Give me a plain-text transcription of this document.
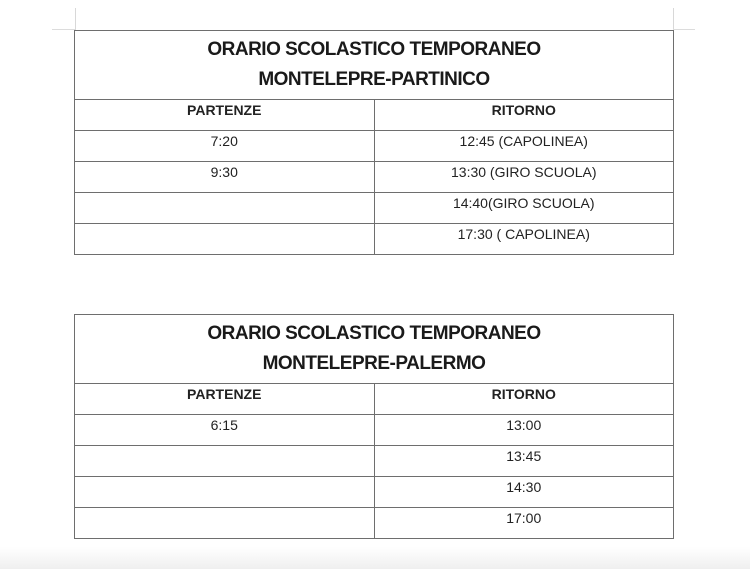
ORARIO SCOLASTICO TEMPORANEO
MONTELEPRE-PARTINICO	

PARTENZE	RITORNO
7:20	12:45 (CAPOLINEA)
9:30	13:30 (GIRO SCUOLA)
	14:40(GIRO SCUOLA)
	17:30 ( CAPOLINEA)
ORARIO SCOLASTICO TEMPORANEO
MONTELEPRE-PALERMO	

PARTENZE	RITORNO
6:15	13:00
	13:45
	14:30
	17:00
